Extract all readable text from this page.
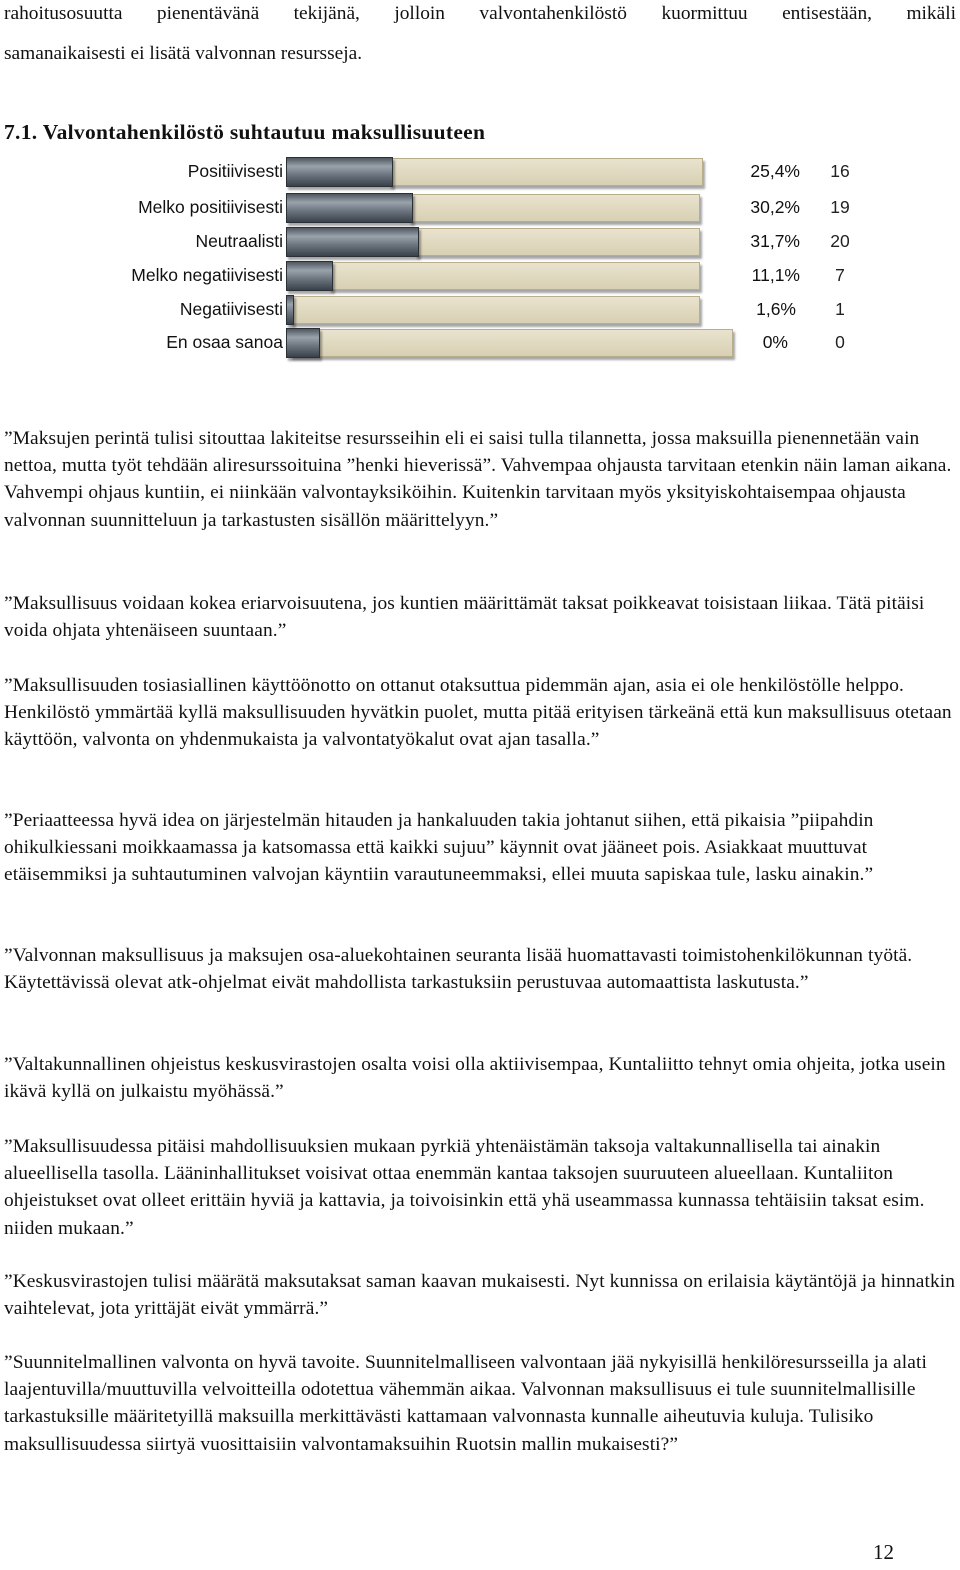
rahoitusosuutta pienentävänä tekijänä, jolloin valvontahenkilöstö kuormittuu entisestään, mikäli

samanaikaisesti ei lisätä valvonnan resursseja.

7.1. Valvontahenkilöstö suhtautuu maksullisuuteen
Positiivisesti	25,4%	16
Melko positiivisesti	30,2%	19
Neutraalisti	31,7%	20
Melko negatiivisesti	11,1%	7
Negatiivisesti	1,6%	1
En osaa sanoa	0%	0

”Maksujen perintä tulisi sitouttaa lakiteitse resursseihin eli ei saisi tulla tilannetta, jossa maksuilla pienennetään vain nettoa, mutta työt tehdään aliresurssoituina ”henki hieverissä”. Vahvempaa ohjausta tarvitaan etenkin näin laman aikana. Vahvempi ohjaus kuntiin, ei niinkään valvontayksiköihin. Kuitenkin tarvitaan myös yksityiskohtaisempaa ohjausta valvonnan suunnitteluun ja tarkastusten sisällön määrittelyyn.”

”Maksullisuus voidaan kokea eriarvoisuutena, jos kuntien määrittämät taksat poikkeavat toisistaan liikaa. Tätä pitäisi voida ohjata yhtenäiseen suuntaan.”

”Maksullisuuden tosiasiallinen käyttöönotto on ottanut otaksuttua pidemmän ajan, asia ei ole henkilöstölle helppo. Henkilöstö ymmärtää kyllä maksullisuuden hyvätkin puolet, mutta pitää erityisen tärkeänä että kun maksullisuus otetaan käyttöön, valvonta on yhdenmukaista ja valvontatyökalut ovat ajan tasalla.”

”Periaatteessa hyvä idea on järjestelmän hitauden ja hankaluuden takia johtanut siihen, että pikaisia ”piipahdin ohikulkiessani moikkaamassa ja katsomassa että kaikki sujuu” käynnit ovat jääneet pois. Asiakkaat muuttuvat etäisemmiksi ja suhtautuminen valvojan käyntiin varautuneemmaksi, ellei muuta sapiskaa tule, lasku ainakin.”

”Valvonnan maksullisuus ja maksujen osa-aluekohtainen seuranta lisää huomattavasti toimistohenkilökunnan työtä. Käytettävissä olevat atk-ohjelmat eivät mahdollista tarkastuksiin perustuvaa automaattista laskutusta.”

”Valtakunnallinen ohjeistus keskusvirastojen osalta voisi olla aktiivisempaa, Kuntaliitto tehnyt omia ohjeita, jotka usein ikävä kyllä on julkaistu myöhässä.”

”Maksullisuudessa pitäisi mahdollisuuksien mukaan pyrkiä yhtenäistämän taksoja valtakunnallisella tai ainakin alueellisella tasolla. Lääninhallitukset voisivat ottaa enemmän kantaa taksojen suuruuteen alueellaan. Kuntaliiton ohjeistukset ovat olleet erittäin hyviä ja kattavia, ja toivoisinkin että yhä useammassa kunnassa tehtäisiin taksat esim. niiden mukaan.”

”Keskusvirastojen tulisi määrätä maksutaksat saman kaavan mukaisesti. Nyt kunnissa on erilaisia käytäntöjä ja hinnatkin vaihtelevat, jota yrittäjät eivät ymmärrä.”

”Suunnitelmallinen valvonta on hyvä tavoite. Suunnitelmalliseen valvontaan jää nykyisillä henkilöresursseilla ja alati laajentuvilla/muuttuvilla velvoitteilla odotettua vähemmän aikaa. Valvonnan maksullisuus ei tule suunnitelmallisille tarkastuksille määritetyillä maksuilla merkittävästi kattamaan valvonnasta kunnalle aiheutuvia kuluja. Tulisiko maksullisuudessa siirtyä vuosittaisiin valvontamaksuihin Ruotsin mallin mukaisesti?”

12
